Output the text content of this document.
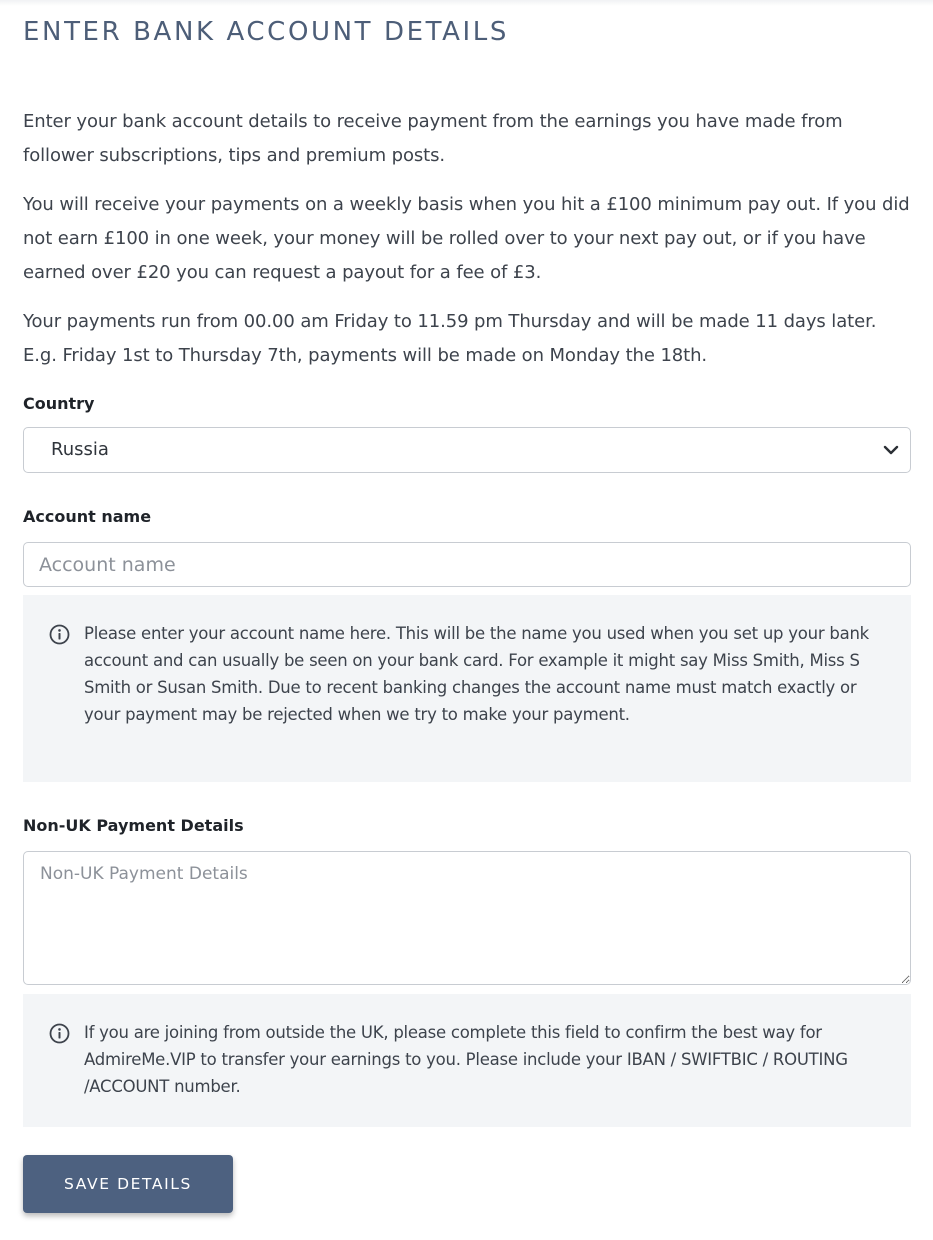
ENTER BANK ACCOUNT DETAILS

Enter your bank account details to receive payment from the earnings you have made from follower subscriptions, tips and premium posts.

You will receive your payments on a weekly basis when you hit a £100 minimum pay out. If you did not earn £100 in one week, your money will be rolled over to your next pay out, or if you have earned over £20 you can request a payout for a fee of £3.

Your payments run from 00.00 am Friday to 11.59 pm Thursday and will be made 11 days later. E.g. Friday 1st to Thursday 7th, payments will be made on Monday the 18th.

Country
Russia
Account name
Account name

Please enter your account name here. This will be the name you used when you set up your bank account and can usually be seen on your bank card. For example it might say Miss Smith, Miss S Smith or Susan Smith. Due to recent banking changes the account name must match exactly or your payment may be rejected when we try to make your payment.

Non-UK Payment Details
Non-UK Payment Details

If you are joining from outside the UK, please complete this field to confirm the best way for AdmireMe.VIP to transfer your earnings to you. Please include your IBAN / SWIFTBIC / ROUTING /ACCOUNT number.

SAVE DETAILS
